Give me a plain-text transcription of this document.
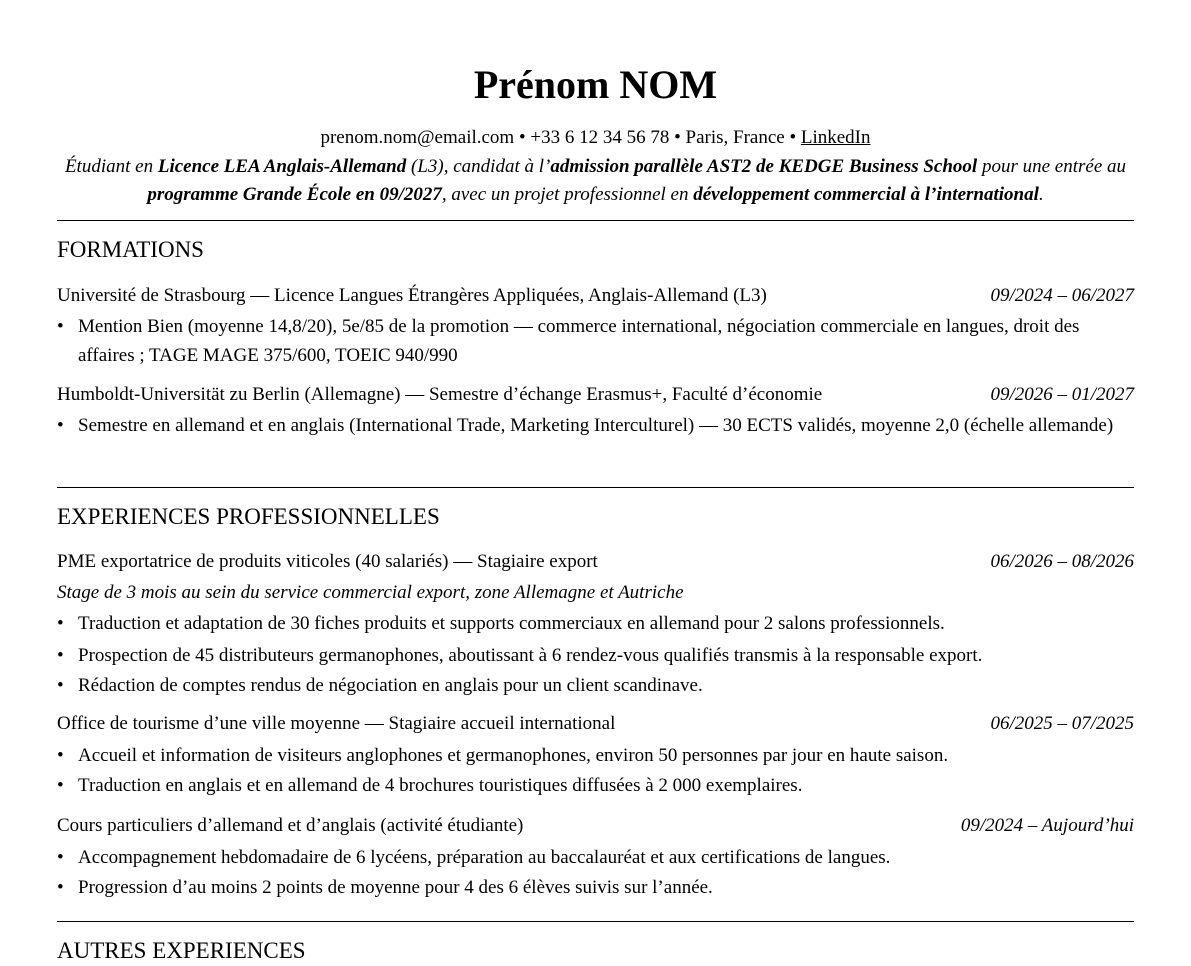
Prénom NOM
prenom.nom@email.com • +33 6 12 34 56 78 • Paris, France • LinkedIn
Étudiant en Licence LEA Anglais-Allemand (L3), candidat à l’admission parallèle AST2 de KEDGE Business School pour une entrée au programme Grande École en 09/2027, avec un projet professionnel en développement commercial à l’international.
FORMATIONS
Université de Strasbourg — Licence Langues Étrangères Appliquées, Anglais-Allemand (L3)	09/2024 – 06/2027
• Mention Bien (moyenne 14,8/20), 5e/85 de la promotion — commerce international, négociation commerciale en langues, droit des affaires ; TAGE MAGE 375/600, TOEIC 940/990
Humboldt-Universität zu Berlin (Allemagne) — Semestre d’échange Erasmus+, Faculté d’économie	09/2026 – 01/2027
• Semestre en allemand et en anglais (International Trade, Marketing Interculturel) — 30 ECTS validés, moyenne 2,0 (échelle allemande)
EXPERIENCES PROFESSIONNELLES
PME exportatrice de produits viticoles (40 salariés) — Stagiaire export	06/2026 – 08/2026
Stage de 3 mois au sein du service commercial export, zone Allemagne et Autriche
• Traduction et adaptation de 30 fiches produits et supports commerciaux en allemand pour 2 salons professionnels.
• Prospection de 45 distributeurs germanophones, aboutissant à 6 rendez-vous qualifiés transmis à la responsable export.
• Rédaction de comptes rendus de négociation en anglais pour un client scandinave.
Office de tourisme d’une ville moyenne — Stagiaire accueil international	06/2025 – 07/2025
• Accueil et information de visiteurs anglophones et germanophones, environ 50 personnes par jour en haute saison.
• Traduction en anglais et en allemand de 4 brochures touristiques diffusées à 2 000 exemplaires.
Cours particuliers d’allemand et d’anglais (activité étudiante)	09/2024 – Aujourd’hui
• Accompagnement hebdomadaire de 6 lycéens, préparation au baccalauréat et aux certifications de langues.
• Progression d’au moins 2 points de moyenne pour 4 des 6 élèves suivis sur l’année.
AUTRES EXPERIENCES
